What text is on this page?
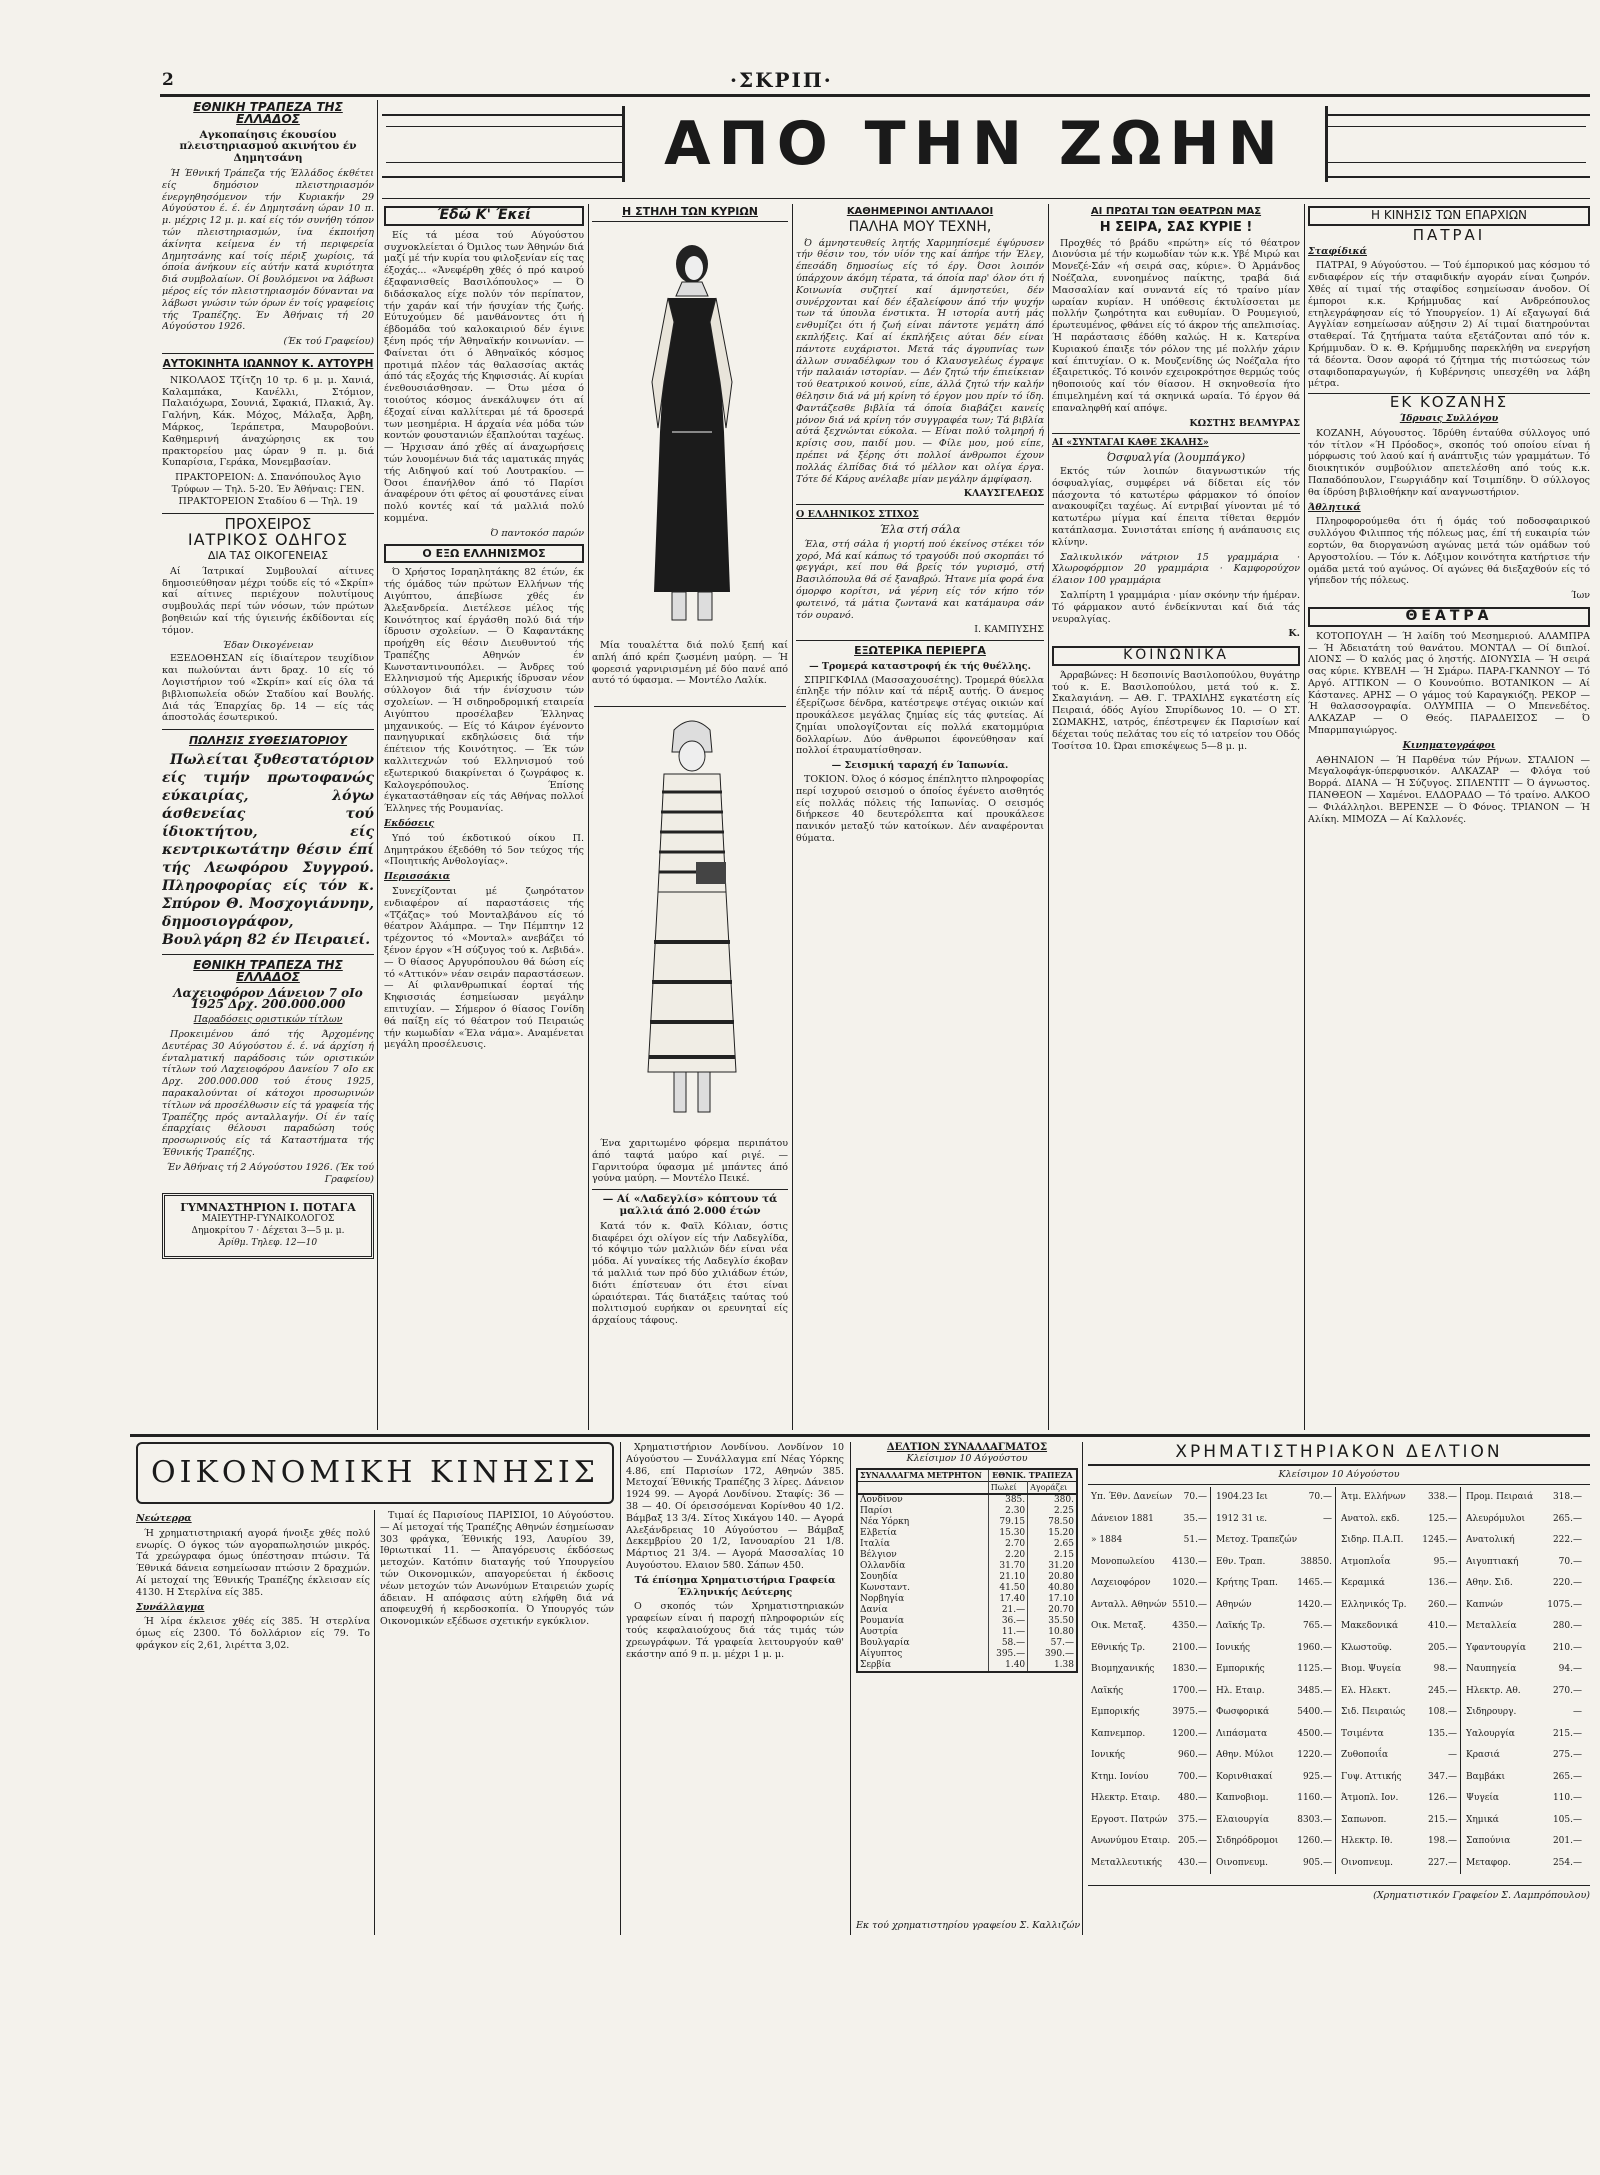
2	·ΣΚΡΙΠ·
ΕΘΝΙΚΗ ΤΡΑΠΕΖΑ ΤΗΣ ΕΛΛΑΔΟΣ
Αγκοπαίησις έκουσίου πλειστηριασμού ακινήτου έν Δημητσάνη

Ή Έθνική Τράπεζα τής Έλλάδος έκθέτει είς δημόσιον πλειστηριασμόν ένεργηθησόμενον τήν Κυριακήν 29 Αύγούστου έ. έ. έν Δημητσάνη ώραν 10 π. μ. μέχρις 12 μ. μ. καί είς τόν συνήθη τόπον τών πλειστηριασμών, ίνα έκποιήση άκίνητα κείμενα έν τή περιφερεία Δημητσάνης καί τοίς πέριξ χωρίοις, τά όποία άνήκουν είς αύτήν κατά κυριότητα διά συμβολαίων. Οί βουλόμενοι να λάβωσι μέρος είς τόν πλειστηριασμόν δύνανται να λάβωσι γνώσιν τών όρων έν τοίς γραφείοις τής Τραπέζης. Έν Άθήναις τή 20 Αύγούστου 1926.

(Έκ τού Γραφείου)
ΑΥΤΟΚΙΝΗΤΑ ΙΩΑΝΝΟΥ Κ. ΑΥΤΟΥΡΗ

ΝΙΚΟΛΑΟΣ Τζίτζη 10 τρ. 6 μ. μ. Χανιά, Καλαμπάκα, Κανέλλι, Στόμιον, Παλαιόχωρα, Σουνιά, Σφακιά, Πλακιά, Άγ. Γαλήνη, Κάκ. Μόχος, Μάλαξα, Άρβη, Μάρκος, Ίεράπετρα, Μαυροβούνι. Καθημερινή άναχώρησις εκ του πρακτορείου μας ώραν 9 π. μ. διά Κυπαρίσια, Γεράκα, Μονεμβασίαν.

ΠΡΑΚΤΟΡΕΙΟΝ: Δ. Σπανόπουλος Άγιο Τρύφων — Τηλ. 5-20. Έν Άθήναις: ΓΕΝ. ΠΡΑΚΤΟΡΕΙΟΝ Σταδίου 6 — Τηλ. 19

ΠΡΟΧΕΙΡΟΣ
ΙΑΤΡΙΚΟΣ ΟΔΗΓΟΣ
ΔΙΑ ΤΑΣ ΟΙΚΟΓΕΝΕΙΑΣ

Αί Ίατρικαί Συμβουλαί αίτινες δημοσιεύθησαν μέχρι τούδε είς τό «Σκρίπ» καί αίτινες περιέχουν πολυτίμους συμβουλάς περί τών νόσων, τών πρώτων βοηθειών καί τής ύγιεινής έκδίδονται είς τόμον.

Έδαν Όικογένειαν

ΕΞΕΔΟΘΗΣΑΝ είς ίδιαίτερον τευχίδιον και πωλούνται άντι δραχ. 10 είς τό Λογιστήριον τού «Σκρίπ» καί είς όλα τά βιβλιοπωλεία οδών Σταδίου καί Βουλής. Διά τάς Έπαρχίας δρ. 14 — είς τάς άποστολάς έσωτερικού.

ΠΩΛΗΣΙΣ ΣΥΘΕΣΙΑΤΟΡΙΟΥ

Πωλείται ξυθεστατόριον είς τιμήν πρωτοφανώς εύκαιρίας, λόγω άσθενείας τού ίδιοκτήτου, είς κεντρικωτάτην θέσιν έπί τής Λεωφόρου Συγγρού. Πληροφορίας είς τόν κ. Σπύρον Θ. Μοσχογιάννην, δημοσιογράφον, Βουλγάρη 82 έν Πειραιεί.

ΕΘΝΙΚΗ ΤΡΑΠΕΖΑ ΤΗΣ ΕΛΛΑΔΟΣ
Λαχειοφόρον Δάνειον 7 οΙο 1925 Δρχ. 200.000.000
Παραδόσεις οριστικών τίτλων

Προκειμένου άπό τής Άρχομένης Δευτέρας 30 Αύγούστου έ. έ. νά άρχίση ή ένταλματική παράδοσις τών οριστικών τίτλων τού Λαχειοφόρου Δανείου 7 οΙο εκ Δρχ. 200.000.000 τού έτους 1925, παρακαλούνται οί κάτοχοι προσωρινών τίτλων νά προσέλθωσιν είς τά γραφεία τής Τραπέζης πρός ανταλλαγήν. Οί έν ταίς έπαρχίαις θέλουσι παραδώση τούς προσωρινούς είς τά Καταστήματα τής Έθνικής Τραπέζης.

Έν Άθήναις τή 2 Αύγούστου 1926. (Έκ τού Γραφείου)
ΓΥΜΝΑΣΤΗΡΙΟΝ Ι. ΠΟΤΑΓΑ
ΜΑΙΕΥΤΗΡ-ΓΥΝΑΙΚΟΛΟΓΟΣ
Δημοκρίτου 7 · Δέχεται 3—5 μ. μ.
Άρίθμ. Τηλεφ. 12—10
ΑΠΟ ΤΗΝ ΖΩΗΝ
Έδώ Κ' Έκεί

Είς τά μέσα τού Αύγούστου συχνοκλείεται ό Όμιλος των Άθηνών διά μαζί μέ τήν κυρία του φιλοξενίαν είς τας έξοχάς... «Άνεφέρθη χθές ό πρό καιρού έξαφανισθείς Βασιλόπουλος» — Ό διδάσκαλος είχε πολύν τόν περίπατον, τήν χαράν καί τήν ήσυχίαν τής ζωής. Εύτυχούμεν δέ μανθάνοντες ότι ή έβδομάδα τού καλοκαιριού δέν έγινε ξένη πρός τήν Άθηναϊκήν κοινωνίαν. — Φαίνεται ότι ό Άθηναϊκός κόσμος προτιμά πλέον τάς θαλασσίας ακτάς άπό τάς εξοχάς τής Κηφισσιάς. Αί κυρίαι ένεθουσιάσθησαν. — Ότω μέσα ό τοιούτος κόσμος άνεκάλυψεν ότι αί έξοχαί είναι καλλίτεραι μέ τά δροσερά των μεσημέρια. Η άρχαία νέα μόδα τών κοντών φουστανιών έξαπλούται ταχέως. — Ήρχισαν άπό χθές αί άναχωρήσεις τών λουομένων διά τάς ιαματικάς πηγάς τής Αιδηψού καί τού Λουτρακίου. — Όσοι έπανήλθον άπό τό Παρίσι άναφέρουν ότι φέτος αί φουστάνες είναι πολύ κοντές καί τά μαλλιά πολύ κομμένα.

Ό παντοκόσ παρών
Ο ΕΞΩ ΕΛΛΗΝΙΣΜΟΣ

Ό Χρήστος Ισραηλητάκης 82 έτών, έκ τής όμάδος τών πρώτων Ελλήνων τής Αιγύπτου, άπεβίωσε χθές έν Άλεξανδρεία. Διετέλεσε μέλος τής Κοινότητος καί έργάσθη πολύ διά τήν ίδρυσιν σχολείων. — Ό Καφαντάκης προήχθη είς θέσιν Διευθυντού τής Τραπέζης Αθηνών έν Κωνσταντινουπόλει. — Άνδρες τού Ελληνισμού τής Αμερικής ίδρυσαν νέον σύλλογον διά τήν ένίσχυσιν τών σχολείων. — Ή σιδηροδρομική εταιρεία Αιγύπτου προσέλαβεν Έλληνας μηχανικούς. — Είς τό Κάιρον έγένοντο πανηγυρικαί εκδηλώσεις διά τήν έπέτειον τής Κοινότητος. — Έκ τών καλλιτεχνών τού Ελληνισμού τού εξωτερικού διακρίνεται ό ζωγράφος κ. Καλογερόπουλος. Έπίσης έγκαταστάθησαν είς τάς Αθήνας πολλοί Έλληνες τής Ρουμανίας.

Εκδόσεις

Υπό τού έκδοτικού οίκου Π. Δημητράκου έξεδόθη τό 5ον τεύχος τής «Ποιητικής Ανθολογίας».

Περισσάκια

Συνεχίζονται μέ ζωηρότατον ενδιαφέρον αί παραστάσεις τής «Τζάζας» τού Μονταλβάνου είς τό θέατρον Άλάμπρα. — Την Πέμπτην 12 τρέχοντος τό «Μονταλ» ανεβάζει τό ξένον έργον «Ή σύζυγος τού κ. Λεβιδά». — Ό θίασος Αργυρόπουλου θά δώση είς τό «Αττικόν» νέαν σειράν παραστάσεων. — Αί φιλανθρωπικαί έορταί τής Κηφισσιάς έσημείωσαν μεγάλην επιτυχίαν. — Σήμερον ό θίασος Γονίδη θά παίξη είς τό θέατρον τού Πειραιώς τήν κωμωδίαν «Έλα νάμα». Αναμένεται μεγάλη προσέλευσις.

Η ΣΤΗΛΗ ΤΩΝ ΚΥΡΙΩΝ

Μία τουαλέττα διά πολύ ξεπή καί απλή άπό κρέπ ζωσμένη μαύρη. — Ή φορεσιά γαρνιρισμένη μέ δύο πανέ από αυτό τό ύφασμα. — Μοντέλο Λαλίκ.

Ένα χαριτωμένο φόρεμα περιπάτου άπό ταφτά μαύρο καί ριγέ. — Γαρνιτούρα ύφασμα μέ μπάντες άπό γούνα μαύρη. — Μοντέλο Πεικέ.

— Αί «Λαδεγλίσ» κόπτουν τά μαλλιά άπό 2.000 έτών

Κατά τόν κ. Φαϊλ Κόλιαν, όστις διαφέρει όχι ολίγον είς τήν Λαδεγλίδα, τό κόψιμο τών μαλλιών δέν είναι νέα μόδα. Αί γυναίκες τής Λαδεγλίσ έκοβαν τά μαλλιά των πρό δύο χιλιάδων έτών, διότι έπίστευαν ότι έτσι είναι ώραιότεραι. Τάς διατάξεις ταύτας τού πολιτισμού ευρήκαν οι ερευνηταί είς άρχαίους τάφους.

ΚΑΘΗΜΕΡΙΝΟΙ ΑΝΤΙΛΑΛΟΙ
ΠΑΛΗΑ ΜΟΥ ΤΕΧΝΗ,

Ό άμνηστευθείς λητής Χαρμηπίσεμέ έψύρυσεν τήν θέσιν του, τόν υίόν της καί άπήρε τήν Έλεγ, έπεσάδη δημοσίως είς τό έργ. Όσοι λοιπόν ύπάρχουν άκόμη τέρατα, τά όποία παρ' όλον ότι ή Κοινωνία συζητεί καί άμνηστεύει, δέν συνέρχονται καί δέν έξαλείφουν άπό τήν ψυχήν των τά ύπουλα ένστικτα. Ή ιστορία αυτή μάς ενθυμίζει ότι ή ζωή είναι πάντοτε γεμάτη άπό εκπλήξεις. Καί αί έκπλήξεις αύται δέν είναι πάντοτε ευχάριστοι. Μετά τάς άγρυπνίας των άλλων συναδέλφων του ό Κλαυσγελέως έγραψε τήν παλαιάν ιστορίαν. — Δέν ζητώ τήν έπιείκειαν τού θεατρικού κοινού, είπε, άλλά ζητώ τήν καλήν θέλησιν διά νά μή κρίνη τό έργον μου πρίν τό ίδη. Φαντάζεσθε βιβλία τά όποία διαβάζει κανείς μόνον διά νά κρίνη τόν συγγραφέα των; Τά βιβλία αύτά ξεχνώνται εύκολα. — Είναι πολύ τολμηρή ή κρίσις σου, παιδί μου. — Φίλε μου, μού είπε, πρέπει νά ξέρης ότι πολλοί άνθρωποι έχουν πολλάς έλπίδας διά τό μέλλον και ολίγα έργα. Τότε δέ Κάρυς ανέλαβε μίαν μεγάλην άμφίφαση.

ΚΛΑΥΣΓΕΛΕΩΣ
Ο ΕΛΛΗΝΙΚΟΣ ΣΤΙΧΟΣ
Έλα στή σάλα

Έλα, στή σάλα ή γιορτή πού έκείνος στέκει τόν χορό, Μά καί κάπως τό τραγούδι πού σκορπάει τό φεγγάρι, κεί που θά βρείς τόν γυρισμό, στή Βασιλόπουλα θά σέ ξαναβρώ. Ήτανε μία φορά ένα όμορφο κορίτσι, νά γέρνη είς τόν κήπο τόν φωτεινό, τά μάτια ζωντανά και κατάμαυρα σάν τόν ουρανό.

Ι. ΚΑΜΠΥΣΗΣ
ΕΞΩΤΕΡΙΚΑ ΠΕΡΙΕΡΓΑ
— Τρομερά καταστροφή έκ τής θυέλλης.

ΣΠΡΙΓΚΦΙΛΔ (Μασσαχουσέτης). Τρομερά θύελλα έπληξε τήν πόλιν καί τά πέριξ αυτής. Ό άνεμος έξερίζωσε δένδρα, κατέστρεψε στέγας οικιών καί προυκάλεσε μεγάλας ζημίας είς τάς φυτείας. Αί ζημίαι υπολογίζονται είς πολλά εκατομμύρια δολλαρίων. Δύο άνθρωποι έφονεύθησαν καί πολλοί έτραυματίσθησαν.

— Σεισμική ταραχή έν Ίαπωνία.

ΤΟΚΙΟΝ. Όλος ό κόσμος έπέπληττο πληροφορίας περί ισχυρού σεισμού ο όποίος έγένετο αισθητός είς πολλάς πόλεις τής Ιαπωνίας. Ο σεισμός διήρκεσε 40 δευτερόλεπτα καί προυκάλεσε πανικόν μεταξύ τών κατοίκων. Δέν αναφέρονται θύματα.

ΑΙ ΠΡΩΤΑΙ ΤΩΝ ΘΕΑΤΡΩΝ ΜΑΣ
Η ΣΕΙΡΑ, ΣΑΣ ΚΥΡΙΕ !

Προχθές τό βράδυ «πρώτη» είς τό θέατρον Διονύσια μέ τήν κωμωδίαν τών κ.κ. Υβέ Μιρώ και Μονεζέ-Σάν «ή σειρά σας, κύριε». Ό Άρμάνδος Νοέζαλα, ευνοημένος παίκτης, τραβά διά Μασσαλίαν καί συναντά είς τό τραίνο μίαν ωραίαν κυρίαν. Η υπόθεσις έκτυλίσσεται με πολλήν ζωηρότητα και ευθυμίαν. Ό Ρουμεγιού, έρωτευμένος, φθάνει είς τό άκρον τής απελπισίας. Ή παράστασις έδόθη καλώς. Η κ. Κατερίνα Κυριακού έπαιξε τόν ρόλον της μέ πολλήν χάριν καί έπιτυχίαν. Ο κ. Μουζενίδης ώς Νοέζαλα ήτο έξαιρετικός. Τό κοινόν εχειροκρότησε θερμώς τούς ηθοποιούς καί τόν θίασον. Η σκηνοθεσία ήτο έπιμελημένη καί τά σκηνικά ωραία. Τό έργον θά επαναληφθή καί απόψε.

ΚΩΣΤΗΣ ΒΕΛΜΥΡΑΣ
ΑΙ «ΣΥΝΤΑΓΑΙ ΚΑΘΕ ΣΚΑΛΗΣ»
Όσφυαλγία (λουμπάγκο)

Εκτός τών λοιπών διαγνωστικών τής όσφυαλγίας, συμφέρει νά δίδεται είς τόν πάσχοντα τό κατωτέρω φάρμακον τό όποίον ανακουφίζει ταχέως. Αί εντριβαί γίνονται μέ τό κατωτέρω μίγμα καί έπειτα τίθεται θερμόν κατάπλασμα. Συνιστάται επίσης ή ανάπαυσις εις κλίνην.

Σαλικυλικόν νάτριον 15 γραμμάρια · Χλωροφόρμιον 20 γραμμάρια · Καμφορούχον έλαιον 100 γραμμάρια

Σαλπίρτη 1 γραμμάρια · μίαν σκόνην τήν ήμέραν. Τό φάρμακον αυτό ένδείκνυται καί διά τάς νευραλγίας.

Κ.
ΚΟΙΝΩΝΙΚΑ

Άρραβώνες: Η δεσποινίς Βασιλοπούλου, θυγάτηρ τού κ. Ε. Βασιλοπούλου, μετά τού κ. Σ. Σκαλαγιάνη. — ΑΘ. Γ. ΤΡΑΧΙΛΗΣ εγκατέστη είς Πειραιά, όδός Αγίου Σπυρίδωνος 10. — Ο ΣΤ. ΣΩΜΑΚΗΣ, ιατρός, έπέστρεψεν έκ Παρισίων καί δέχεται τούς πελάτας του είς τό ιατρείον του Οδός Τοσίτσα 10. Ώραι επισκέψεως 5—8 μ. μ.

Η ΚΙΝΗΣΙΣ ΤΩΝ ΕΠΑΡΧΙΩΝ
ΠΑΤΡΑΙ
Σταφίδικά

ΠΑΤΡΑΙ, 9 Αύγούστου. — Τού έμπορικού μας κόσμου τό ενδιαφέρον είς τήν σταφιδικήν αγοράν είναι ζωηρόν. Χθές αί τιμαί τής σταφίδος εσημείωσαν άνοδον. Οί έμποροι κ.κ. Κρήμμυδας καί Ανδρεόπουλος ετηλεγράφησαν είς τό Υπουργείον. 1) Αί εξαγωγαί διά Αγγλίαν εσημείωσαν αύξησιν 2) Αί τιμαί διατηρούνται σταθεραί. Τά ζητήματα ταύτα εξετάζονται από τόν κ. Κρήμμυδαν. Ό κ. Θ. Κρήμμυδης παρεκλήθη να ενεργήση τά δέοντα. Όσον αφορά τό ζήτημα τής πιστώσεως τών σταφιδοπαραγωγών, ή Κυβέρνησις υπεσχέθη να λάβη μέτρα.

ΕΚ ΚΟΖΑΝΗΣ
Ίδρυσις Συλλόγου

ΚΟΖΑΝΗ, Αύγουστος. Ίδρύθη ένταύθα σύλλογος υπό τόν τίτλον «Ή Πρόοδος», σκοπός τού οποίου είναι ή μόρφωσις τού λαού καί ή ανάπτυξις τών γραμμάτων. Τό διοικητικόν συμβούλιον απετελέσθη από τούς κ.κ. Παπαδόπουλον, Γεωργιάδην καί Τσιμπίδην. Ό σύλλογος θα ίδρύση βιβλιοθήκην καί αναγνωστήριον.

Άθλητικά

Πληροφορούμεθα ότι ή όμάς τού ποδοσφαιρικού συλλόγου Φιλιππος τής πόλεως μας, έπί τή ευκαιρία τών εορτών, θα διοργανώση αγώνας μετά τών ομάδων τού Αργοστολίου. — Τόν κ. Λόξιμον κοινότητα κατήρτισε τήν ομάδα μετά τού αγώνος. Οί αγώνες θά διεξαχθούν είς τό γήπεδον τής πόλεως.

Ίων
ΘΕΑΤΡΑ

ΚΟΤΟΠΟΥΛΗ — Ή λαίδη τού Μεσημεριού. ΑΛΑΜΠΡΑ — Ή Άδειατάτη τού θανάτου. ΜΟΝΤΑΛ — Οί διπλοί. ΛΙΟΝΣ — Ό καλός μας ό ληστής. ΔΙΟΝΥΣΙΑ — Ή σειρά σας κύριε. ΚΥΒΕΛΗ — Ή Σμάρω. ΠΑΡΑ-ΓΚΑΝΝΟΥ — Τό Αργό. ΑΤΤΙΚΟΝ — Ο Κουνούπιο. ΒΟΤΑΝΙΚΟΝ — Αί Κάστανες. ΑΡΗΣ — Ο γάμος τού Καραγκιόζη. ΡΕΚΟΡ — Ή θαλασσογραφία. ΟΛΥΜΠΙΑ — Ο Μπενεδέτος. ΑΛΚΑΖΑΡ — Ο Θεός. ΠΑΡΑΔΕΙΣΟΣ — Ό Μπαρμπαγιώργος.

Κινηματογράφοι

ΑΘΗΝΑΙΟΝ — Ή Παρθένα τών Ρήνων. ΣΤΑΛΙΟΝ — Μεγαλοφάγκ-ύπερφυσικόν. ΑΛΚΑΖΑΡ — Φλόγα τού Βορρά. ΔΙΑΝΑ — Ή Σύζυγος. ΣΠΛΕΝΤΙΤ — Ό άγνωστος. ΠΑΝΘΕΟΝ — Χαμένοι. ΕΛΔΟΡΑΔΟ — Τό τραίνο. ΑΛΚΟΟ — Φιλάλληλοι. ΒΕΡΕΝΣΕ — Ό Φόνος. ΤΡΙΑΝΟΝ — Ή Αλίκη. ΜΙΜΟΖΑ — Αί Καλλονές.

ΟΙΚΟΝΟΜΙΚΗ ΚΙΝΗΣΙΣ
Νεώτερρα

Ή χρηματιστηριακή αγορά ήνοιξε χθές πολύ ενωρίς. Ο όγκος τών αγοραπωλησιών μικρός. Τά χρεώγραφα όμως ύπέστησαν πτώσιν. Τά Έθνικά δάνεια εσημείωσαν πτώσιν 2 δραχμών. Αί μετοχαί της Έθνικής Τραπέζης έκλεισαν είς 4130. Η Στερλίνα είς 385.

Συνάλλαγμα

Ή λίρα έκλεισε χθές είς 385. Ή στερλίνα όμως είς 2300. Τό δολλάριον είς 79. Το φράγκον είς 2,61, λιρέττα 3,02.

Τιμαί ές Παρισίους ΠΑΡΙΣΙΟΙ, 10 Αύγούστου. — Αί μετοχαί τής Τραπέζης Αθηνών έσημείωσαν 303 φράγκα, Έθνικής 193, Λαυρίου 39, Ιθριωτικαί 11. — Άπαγόρευσις έκδόσεως μετοχών. Κατόπιν διαταγής τού Υπουργείου τών Οικονομικών, απαγορεύεται ή έκδοσις νέων μετοχών τών Ανωνύμων Εταιρειών χωρίς άδειαν. Η απόφασις αύτη ελήφθη διά νά αποφευχθή ή κερδοσκοπία. Ό Υπουργός τών Οικονομικών εξέδωσε σχετικήν εγκύκλιον.

Χρηματιστήριον Λονδίνου. Λονδίνον 10 Αύγούστου — Συνάλλαγμα επί Νέας Υόρκης 4.86, επί Παρισίων 172, Αθηνών 385. Μετοχαί Έθνικής Τραπέζης 3 λίρες. Δάνειον 1924 99. — Αγορά Λονδίνου. Σταφίς: 36 — 38 — 40. Οί όρεισσόμεναι Κορίνθου 40 1/2. Βάμβαξ 13 3/4. Σίτος Χικάγου 140. — Αγορά Αλεξάνδρειας 10 Αύγούστου — Βάμβαξ Δεκεμβρίου 20 1/2, Ιανουαρίου 21 1/8. Μάρτιος 21 3/4. — Αγορά Μασσαλίας 10 Αυγούστου. Ελαιον 580. Σάπων 450.

Τά έπίσημα Χρηματιστήρια Γραφεία Έλληνικής Δεύτερης

Ο σκοπός τών Χρηματιστηριακών γραφείων είναι ή παροχή πληροφοριών είς τούς κεφαλαιούχους διά τάς τιμάς τών χρεωγράφων. Τά γραφεία λειτουργούν καθ' εκάστην από 9 π. μ. μέχρι 1 μ. μ.

ΔΕΛΤΙΟΝ ΣΥΝΑΛΛΑΓΜΑΤΟΣ
Κλείσιμον 10 Αύγούστου
ΣΥΝΑΛΛΑΓΜΑ ΜΕΤΡΗΤΟΝ	ΕΘΝΙΚ. ΤΡΑΠΕΖΑ	
	Πωλεί	Αγοράζει
Λονδίνον	385.	380.
Παρίσι	2.30	2.25
Νέα Υόρκη	79.15	78.50
Ελβετία	15.30	15.20
Ιταλία	2.70	2.65
Βέλγιον	2.20	2.15
Ολλανδία	31.70	31.20
Σουηδία	21.10	20.80
Κωνσταντ.	41.50	40.80
Νορβηγία	17.40	17.10
Δανία	21.—	20.70
Ρουμανία	36.—	35.50
Αυστρία	11.—	10.80
Βουλγαρία	58.—	57.—
Αίγυπτος	395.—	390.—
Σερβία	1.40	1.38
ΧΡΗΜΑΤΙΣΤΗΡΙΑΚΟΝ ΔΕΛΤΙΟΝ
Κλείσιμον 10 Αύγούστου
Υπ. Έθν. Δανείων 70.—
Δάνειον 1881	35.—
» 1884	51.—
Μονοπωλείου 4130.—
Λαχειοφόρον 1020.—
Ανταλλ. Αθηνών 5510.—
Οικ. Μεταξ.	4350.—
Εθνικής Τρ.	2100.—
Βιομηχανικής 1830.—
Λαϊκής	1700.—
Εμπορικής	3975.—
Καπνεμπορ.	1200.—
Ιονικής	960.—
Κτημ. Ιονίου	700.—
Ηλεκτρ. Εταιρ. 480.—
Εργοστ. Πατρών 375.—
Ανωνύμου Εταιρ. 205.—
Μεταλλευτικής 430.—
1904.23 Ιει	70.—
1912 31 ιε.	—
Μετοχ. Τραπεζών
Εθν. Τραπ.	38850.
Κρήτης Τραπ. 1465.—
Αθηνών	1420.—
Λαϊκής Τρ.	765.—
Ιονικής	1960.—
Εμπορικής	1125.—
Ηλ. Εταιρ.	3485.—
Φωσφορικά	5400.—
Λιπάσματα	4500.—
Αθην. Μύλοι	1220.—
Κορινθιακαί	925.—
Καπνοβιομ.	1160.—
Ελαιουργία	8303.—
Σιδηρόδρομοι 1260.—
Οινοπνευμ.	905.—
Άτμ. Ελλήνων 338.—
Ανατολ. εκδ.	125.—
Σιδηρ. Π.Α.Π. 1245.—
Ατμοπλοΐα	95.—
Κεραμικά	136.—
Ελληνικός Τρ. 260.—
Μακεδονικά	410.—
Κλωστοϋφ.	205.—
Βιομ. Ψυγεία	98.—
Ελ. Ηλεκτ.	245.—
Σιδ. Πειραιώς	108.—
Τσιμέντα	135.—
Ζυθοποιΐα	—
Γυψ. Αττικής	347.—
Άτμοπλ. Ιον.	126.—
Σαπωνοπ.	215.—
Ηλεκτρ. Ιθ.	198.—
Οινοπνευμ.	227.—
Προμ. Πειραιά 318.—
Αλευρόμυλοι	265.—
Ανατολική	222.—
Αιγυπτιακή	70.—
Αθην. Σιδ.	220.—
Καπνών	1075.—
Μεταλλεία	280.—
Υφαντουργία	210.—
Ναυπηγεία	94.—
Ηλεκτρ. Αθ.	270.—
Σιδηρουργ.	—
Υαλουργία	215.—
Κρασιά	275.—
Βαμβάκι	265.—
Ψυγεία	110.—
Χημικά	105.—
Σαπούνια	201.—
Μεταφορ.	254.—
(Χρηματιστικόν Γραφείον Σ. Λαμπρόπουλου)
Εκ τού χρηματιστηρίου γραφείου Σ. Καλλιζών
